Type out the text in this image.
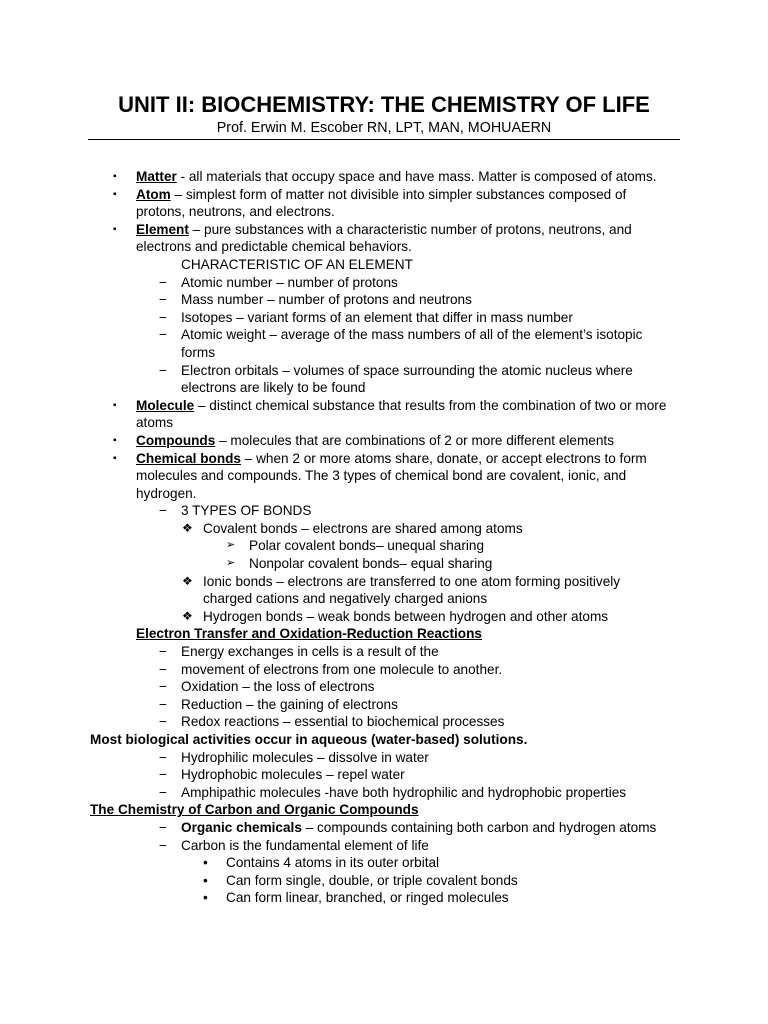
UNIT II: BIOCHEMISTRY: THE CHEMISTRY OF LIFE
Prof. Erwin M. Escober RN, LPT, MAN, MOHUAERN
▪ Matter - all materials that occupy space and have mass. Matter is composed of atoms.
▪ Atom – simplest form of matter not divisible into simpler substances composed of
protons, neutrons, and electrons.
▪ Element – pure substances with a characteristic number of protons, neutrons, and
electrons and predictable chemical behaviors.
CHARACTERISTIC OF AN ELEMENT
− Atomic number – number of protons
− Mass number – number of protons and neutrons
− Isotopes – variant forms of an element that differ in mass number
− Atomic weight – average of the mass numbers of all of the element’s isotopic
forms
− Electron orbitals – volumes of space surrounding the atomic nucleus where
electrons are likely to be found
▪ Molecule – distinct chemical substance that results from the combination of two or more
atoms
▪ Compounds – molecules that are combinations of 2 or more different elements
▪ Chemical bonds – when 2 or more atoms share, donate, or accept electrons to form
molecules and compounds. The 3 types of chemical bond are covalent, ionic, and
hydrogen.
− 3 TYPES OF BONDS
❖ Covalent bonds – electrons are shared among atoms
➢ Polar covalent bonds– unequal sharing
➢ Nonpolar covalent bonds– equal sharing
❖ Ionic bonds – electrons are transferred to one atom forming positively
charged cations and negatively charged anions
❖ Hydrogen bonds – weak bonds between hydrogen and other atoms
Electron Transfer and Oxidation-Reduction Reactions
− Energy exchanges in cells is a result of the
− movement of electrons from one molecule to another.
− Oxidation – the loss of electrons
− Reduction – the gaining of electrons
− Redox reactions – essential to biochemical processes
Most biological activities occur in aqueous (water-based) solutions.
− Hydrophilic molecules – dissolve in water
− Hydrophobic molecules – repel water
− Amphipathic molecules -have both hydrophilic and hydrophobic properties
The Chemistry of Carbon and Organic Compounds
− Organic chemicals – compounds containing both carbon and hydrogen atoms
− Carbon is the fundamental element of life
• Contains 4 atoms in its outer orbital
• Can form single, double, or triple covalent bonds
• Can form linear, branched, or ringed molecules
